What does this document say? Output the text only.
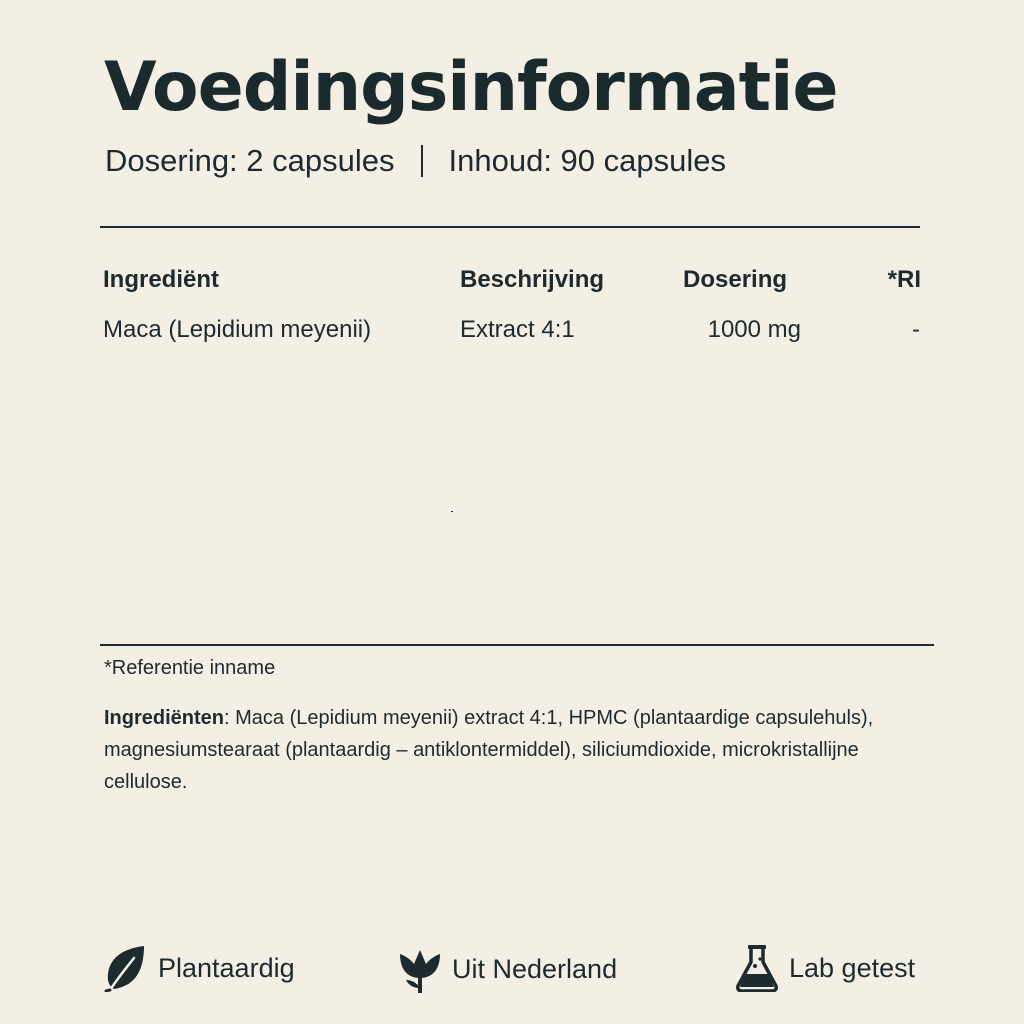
Voedingsinformatie
Dosering: 2 capsules Inhoud: 90 capsules
Ingrediënt	Beschrijving	Dosering	*RI
Maca (Lepidium meyenii)	Extract 4:1	1000 mg	-
*Referentie inname

Ingrediënten: Maca (Lepidium meyenii) extract 4:1, HPMC (plantaardige capsulehuls), magnesiumstearaat (plantaardig – antiklontermiddel), siliciumdioxide, microkristallijne cellulose.

Plantaardig	Uit Nederland	Lab getest
